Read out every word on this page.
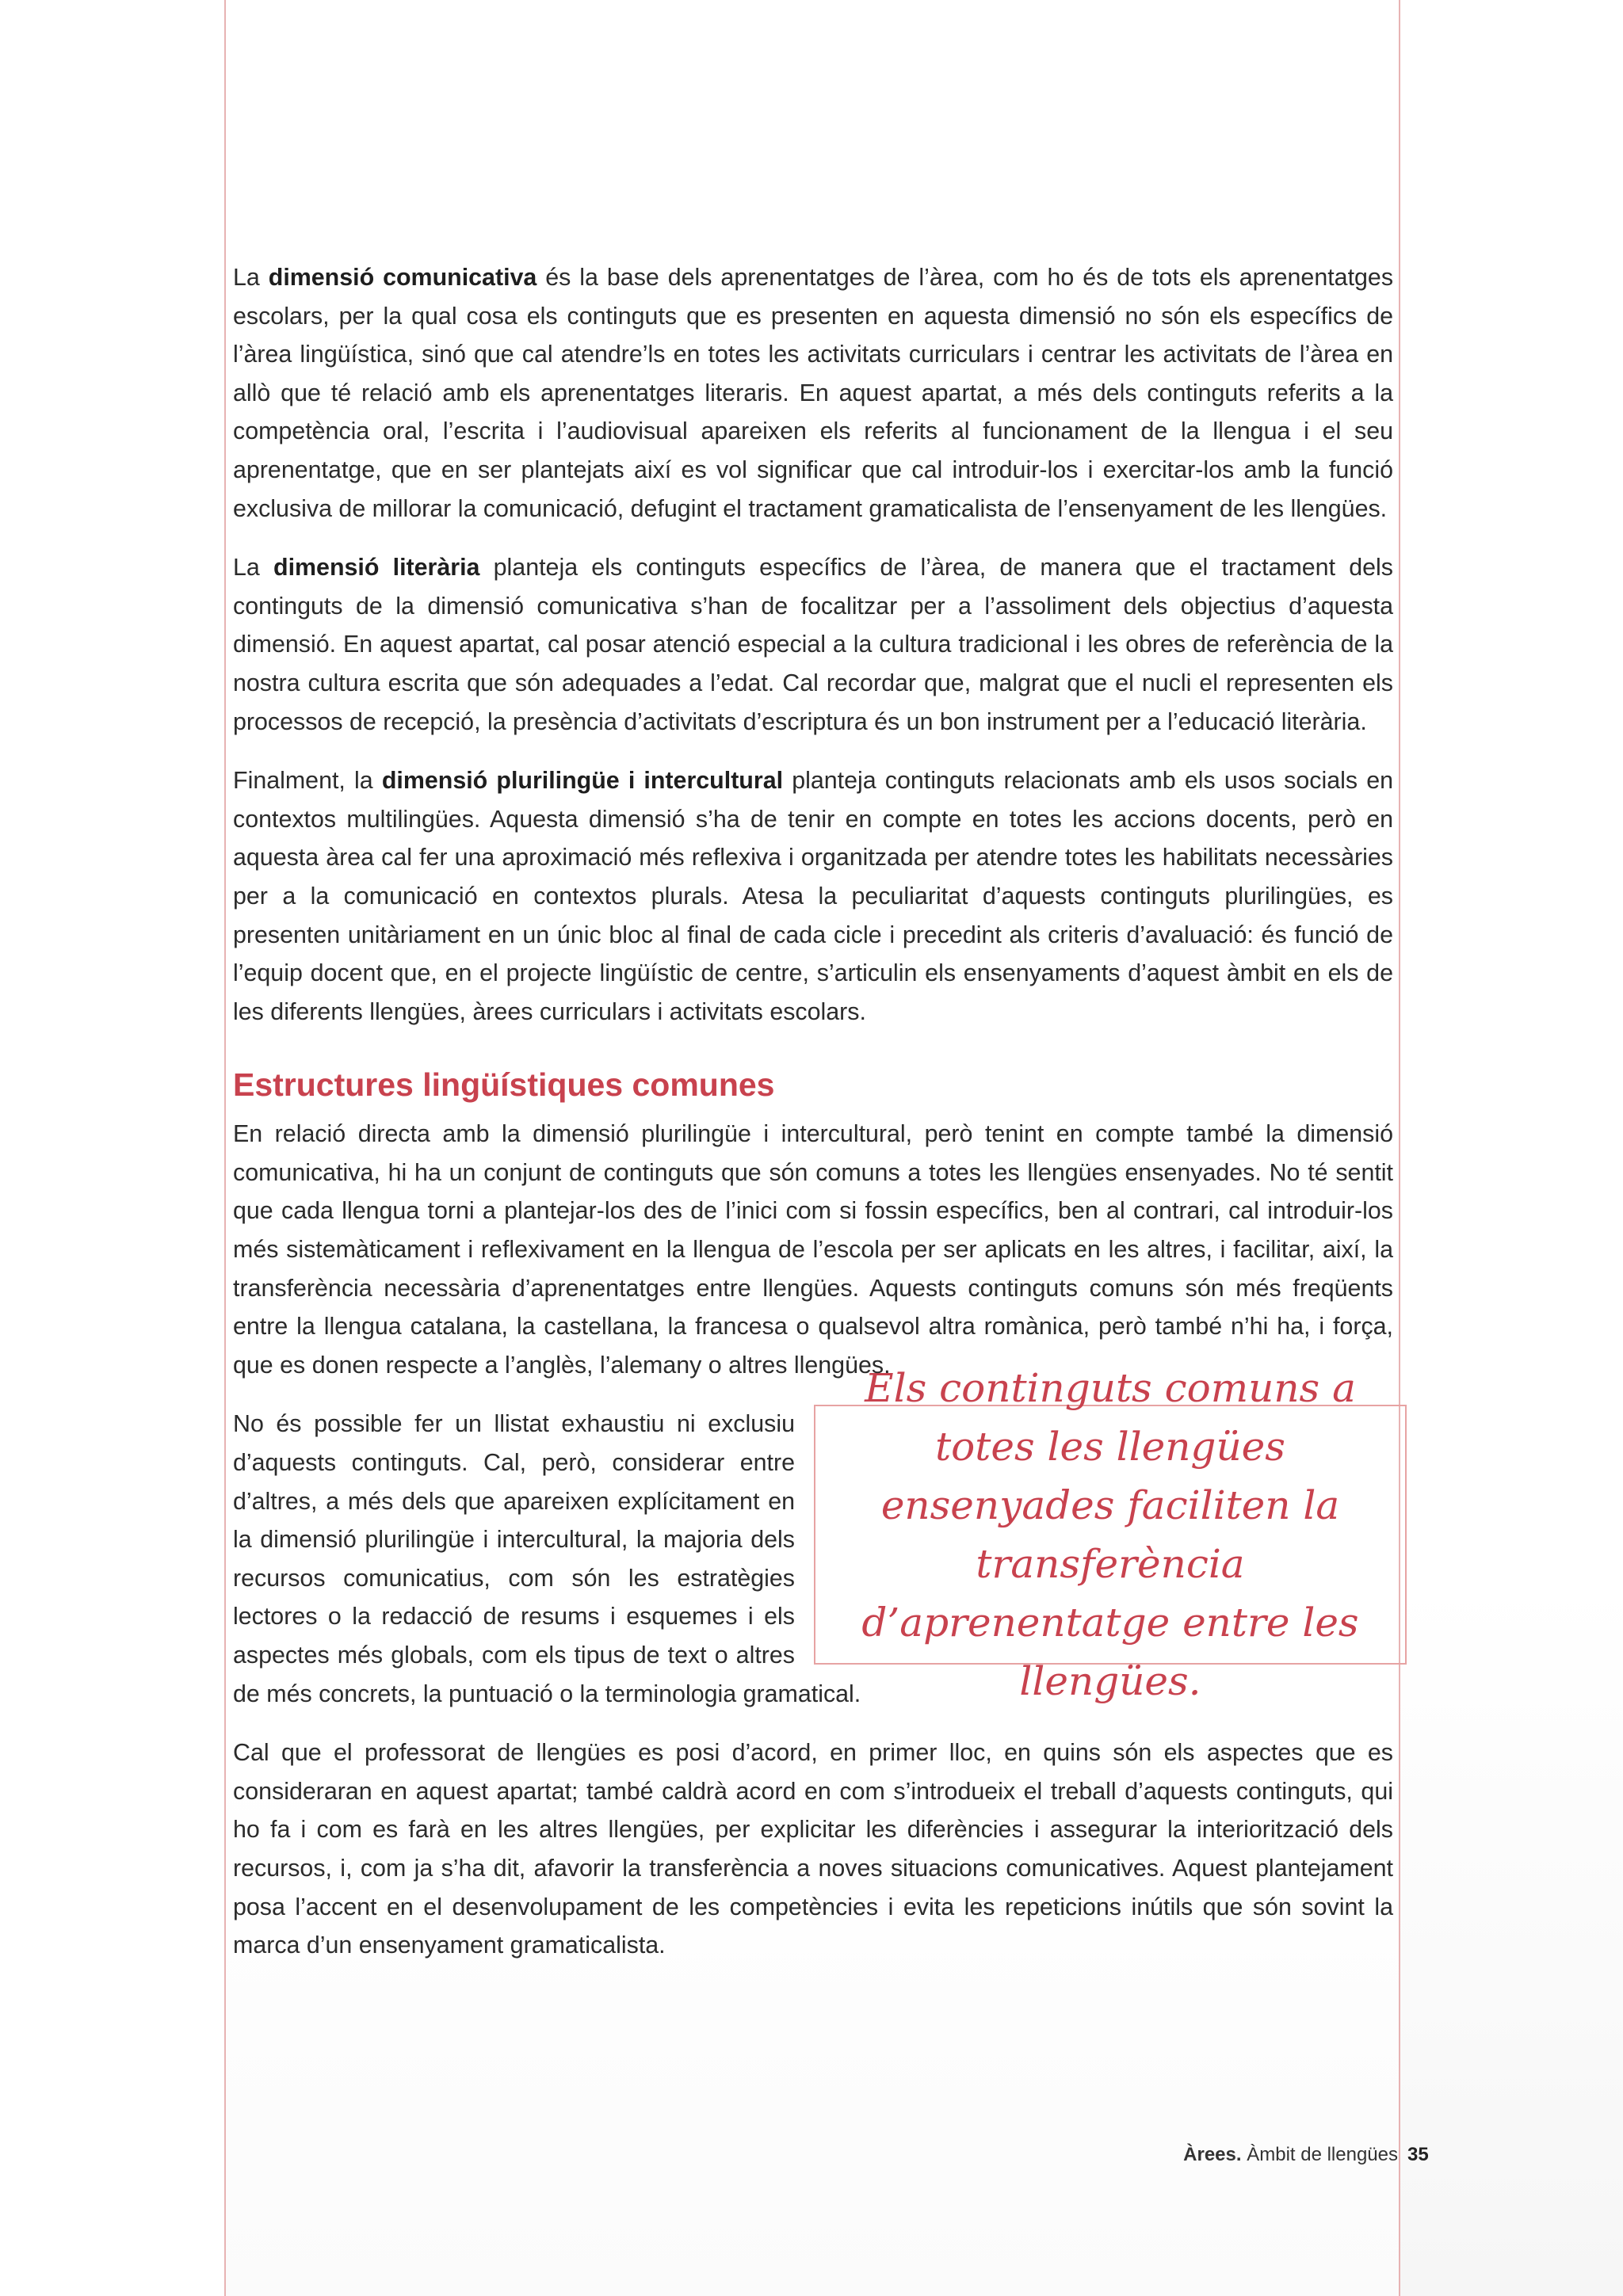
La dimensió comunicativa és la base dels aprenentatges de l’àrea, com ho és de tots els aprenentatges escolars, per la qual cosa els continguts que es presenten en aquesta dimensió no són els específics de l’àrea lingüística, sinó que cal atendre’ls en totes les activitats curriculars i centrar les activitats de l’àrea en allò que té relació amb els aprenentatges literaris. En aquest apartat, a més dels continguts referits a la competència oral, l’escrita i l’audiovisual apareixen els referits al funcionament de la llengua i el seu aprenentatge, que en ser plantejats així es vol significar que cal introduir-los i exercitar-los amb la funció exclusiva de millorar la comunicació, defugint el tractament gramaticalista de l’ensenyament de les llengües.

La dimensió literària planteja els continguts específics de l’àrea, de manera que el tractament dels continguts de la dimensió comunicativa s’han de focalitzar per a l’assoliment dels objectius d’aquesta dimensió. En aquest apartat, cal posar atenció especial a la cultura tradicional i les obres de referència de la nostra cultura escrita que són adequades a l’edat. Cal recordar que, malgrat que el nucli el representen els processos de recepció, la presència d’activitats d’escriptura és un bon instrument per a l’educació literària.

Finalment, la dimensió plurilingüe i intercultural planteja continguts relacionats amb els usos socials en contextos multilingües. Aquesta dimensió s’ha de tenir en compte en totes les accions docents, però en aquesta àrea cal fer una aproximació més reflexiva i organitzada per atendre totes les habilitats necessàries per a la comunicació en contextos plurals. Atesa la peculiaritat d’aquests continguts plurilingües, es presenten unitàriament en un únic bloc al final de cada cicle i precedint als criteris d’avaluació: és funció de l’equip docent que, en el projecte lingüístic de centre, s’articulin els ensenyaments d’aquest àmbit en els de les diferents llengües, àrees curriculars i activitats escolars.

Estructures lingüístiques comunes

En relació directa amb la dimensió plurilingüe i intercultural, però tenint en compte també la dimensió comunicativa, hi ha un conjunt de continguts que són comuns a totes les llengües ensenyades. No té sentit que cada llengua torni a plantejar-los des de l’inici com si fossin específics, ben al contrari, cal introduir-los més sistemàticament i reflexivament en la llengua de l’escola per ser aplicats en les altres, i facilitar, així, la transferència necessària d’aprenentatges entre llengües. Aquests continguts comuns són més freqüents entre la llengua catalana, la castellana, la francesa o qualsevol altra romànica, però també n’hi ha, i força, que es donen respecte a l’anglès, l’alemany o altres llengües.

Els continguts comuns a totes les llengües ensenyades faciliten la transferència d’aprenentatge entre les llengües.

No és possible fer un llistat exhaustiu ni exclusiu d’aquests continguts. Cal, però, considerar entre d’altres, a més dels que apareixen explícitament en la dimensió plurilingüe i intercultural, la majoria dels recursos comunicatius, com són les estratègies lectores o la redacció de resums i esquemes i els aspectes més globals, com els tipus de text o altres de més concrets, la puntuació o la terminologia gramatical.

Cal que el professorat de llengües es posi d’acord, en primer lloc, en quins són els aspectes que es consideraran en aquest apartat; també caldrà acord en com s’introdueix el treball d’aquests continguts, qui ho fa i com es farà en les altres llengües, per explicitar les diferències i assegurar la interiorització dels recursos, i, com ja s’ha dit, afavorir la transferència a noves situacions comunicatives. Aquest plantejament posa l’accent en el desenvolupament de les competències i evita les repeticions inútils que són sovint la marca d’un ensenyament gramaticalista.

Àrees. Àmbit de llengües 35
